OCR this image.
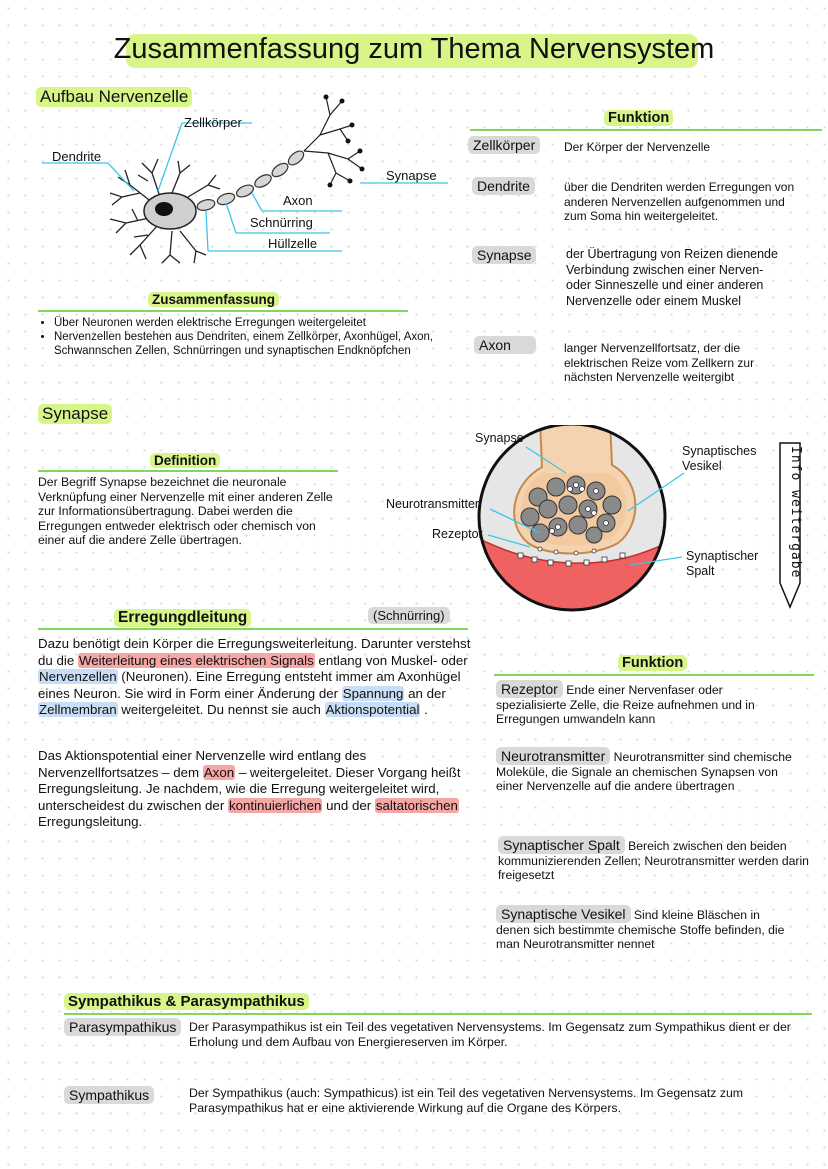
Zusammenfassung zum Thema Nervensystem
Aufbau Nervenzelle
Zellkörper
Dendrite
Synapse
Axon
Schnürring
Hüllzelle
Funktion
Zellkörper	Der Körper der Nervenzelle
Dendrite	über die Dendriten werden Erregungen von anderen Nervenzellen aufgenommen und zum Soma hin weitergeleitet.
Synapse	der Übertragung von Reizen dienende Verbindung zwischen einer Nerven- oder Sinneszelle und einer anderen Nervenzelle oder einem Muskel
Axon	langer Nervenzellfortsatz, der die elektrischen Reize vom Zellkern zur nächsten Nervenzelle weitergibt
Zusammenfassung
• Über Neuronen werden elektrische Erregungen weitergeleitet
• Nervenzellen bestehen aus Dendriten, einem Zellkörper, Axonhügel, Axon, Schwannschen Zellen, Schnürringen und synaptischen Endknöpfchen
Synapse
Definition
Der Begriff Synapse bezeichnet die neuronale Verknüpfung einer Nervenzelle mit einer anderen Zelle zur Informationsübertragung. Dabei werden die Erregungen entweder elektrisch oder chemisch von einer auf die andere Zelle übertragen.
Synapse
Synaptisches Vesikel
Neurotransmitter
Rezeptor
Synaptischer Spalt	Info weitergabe
Erregungdleitung	(Schnürring)
Dazu benötigt dein Körper die Erregungsweiterleitung. Darunter verstehst du die Weiterleitung eines elektrischen Signals entlang von Muskel- oder Nervenzellen (Neuronen). Eine Erregung entsteht immer am Axonhügel eines Neuron. Sie wird in Form einer Änderung der Spannung an der Zellmembran weitergeleitet. Du nennst sie auch Aktionspotential .
Das Aktionspotential einer Nervenzelle wird entlang des Nervenzellfortsatzes – dem Axon – weitergeleitet. Dieser Vorgang heißt Erregungsleitung. Je nachdem, wie die Erregung weitergeleitet wird, unterscheidest du zwischen der kontinuierlichen und der saltatorischen Erregungsleitung.
Funktion
Rezeptor Ende einer Nervenfaser oder spezialisierte Zelle, die Reize aufnehmen und in Erregungen umwandeln kann
Neurotransmitter Neurotransmitter sind chemische Moleküle, die Signale an chemischen Synapsen von einer Nervenzelle auf die andere übertragen
Synaptischer Spalt Bereich zwischen den beiden kommunizierenden Zellen; Neurotransmitter werden darin freigesetzt
Synaptische Vesikel Sind kleine Bläschen in denen sich bestimmte chemische Stoffe befinden, die man Neurotransmitter nennet
Sympathikus & Parasympathikus
Parasympathikus	Der Parasympathikus ist ein Teil des vegetativen Nervensystems. Im Gegensatz zum Sympathikus dient er der Erholung und dem Aufbau von Energiereserven im Körper.
Sympathikus	Der Sympathikus (auch: Sympathicus) ist ein Teil des vegetativen Nervensystems. Im Gegensatz zum Parasympathikus hat er eine aktivierende Wirkung auf die Organe des Körpers.
